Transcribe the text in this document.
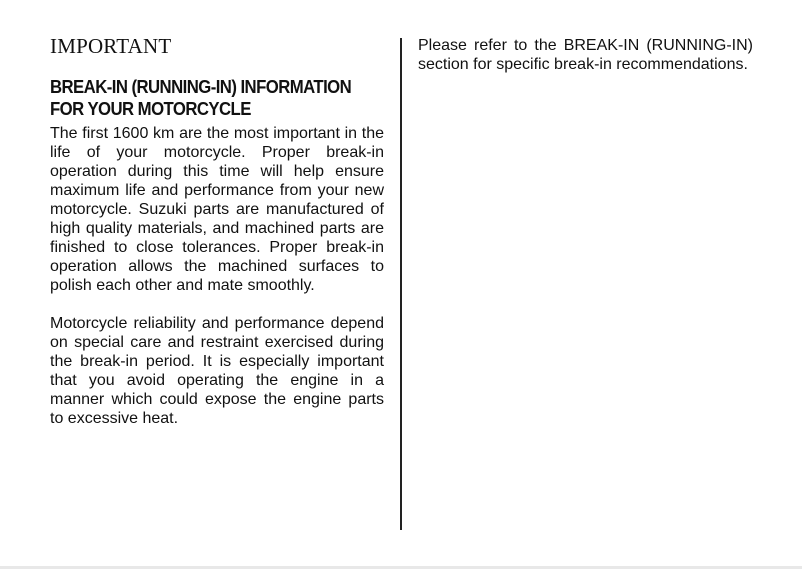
IMPORTANT
BREAK-IN (RUNNING-IN) INFORMATION
FOR YOUR MOTORCYCLE

The first 1600 km are the most important in the life of your motorcycle. Proper break-in operation during this time will help ensure maximum life and performance from your new motorcycle. Suzuki parts are manufactured of high quality materials, and machined parts are finished to close tolerances. Proper break-in operation allows the machined surfaces to polish each other and mate smoothly.

Motorcycle reliability and performance depend on special care and restraint exercised during the break-in period. It is especially important that you avoid operating the engine in a manner which could expose the engine parts to excessive heat.

Please refer to the BREAK-IN (RUNNING-IN) section for specific break-in recommendations.
